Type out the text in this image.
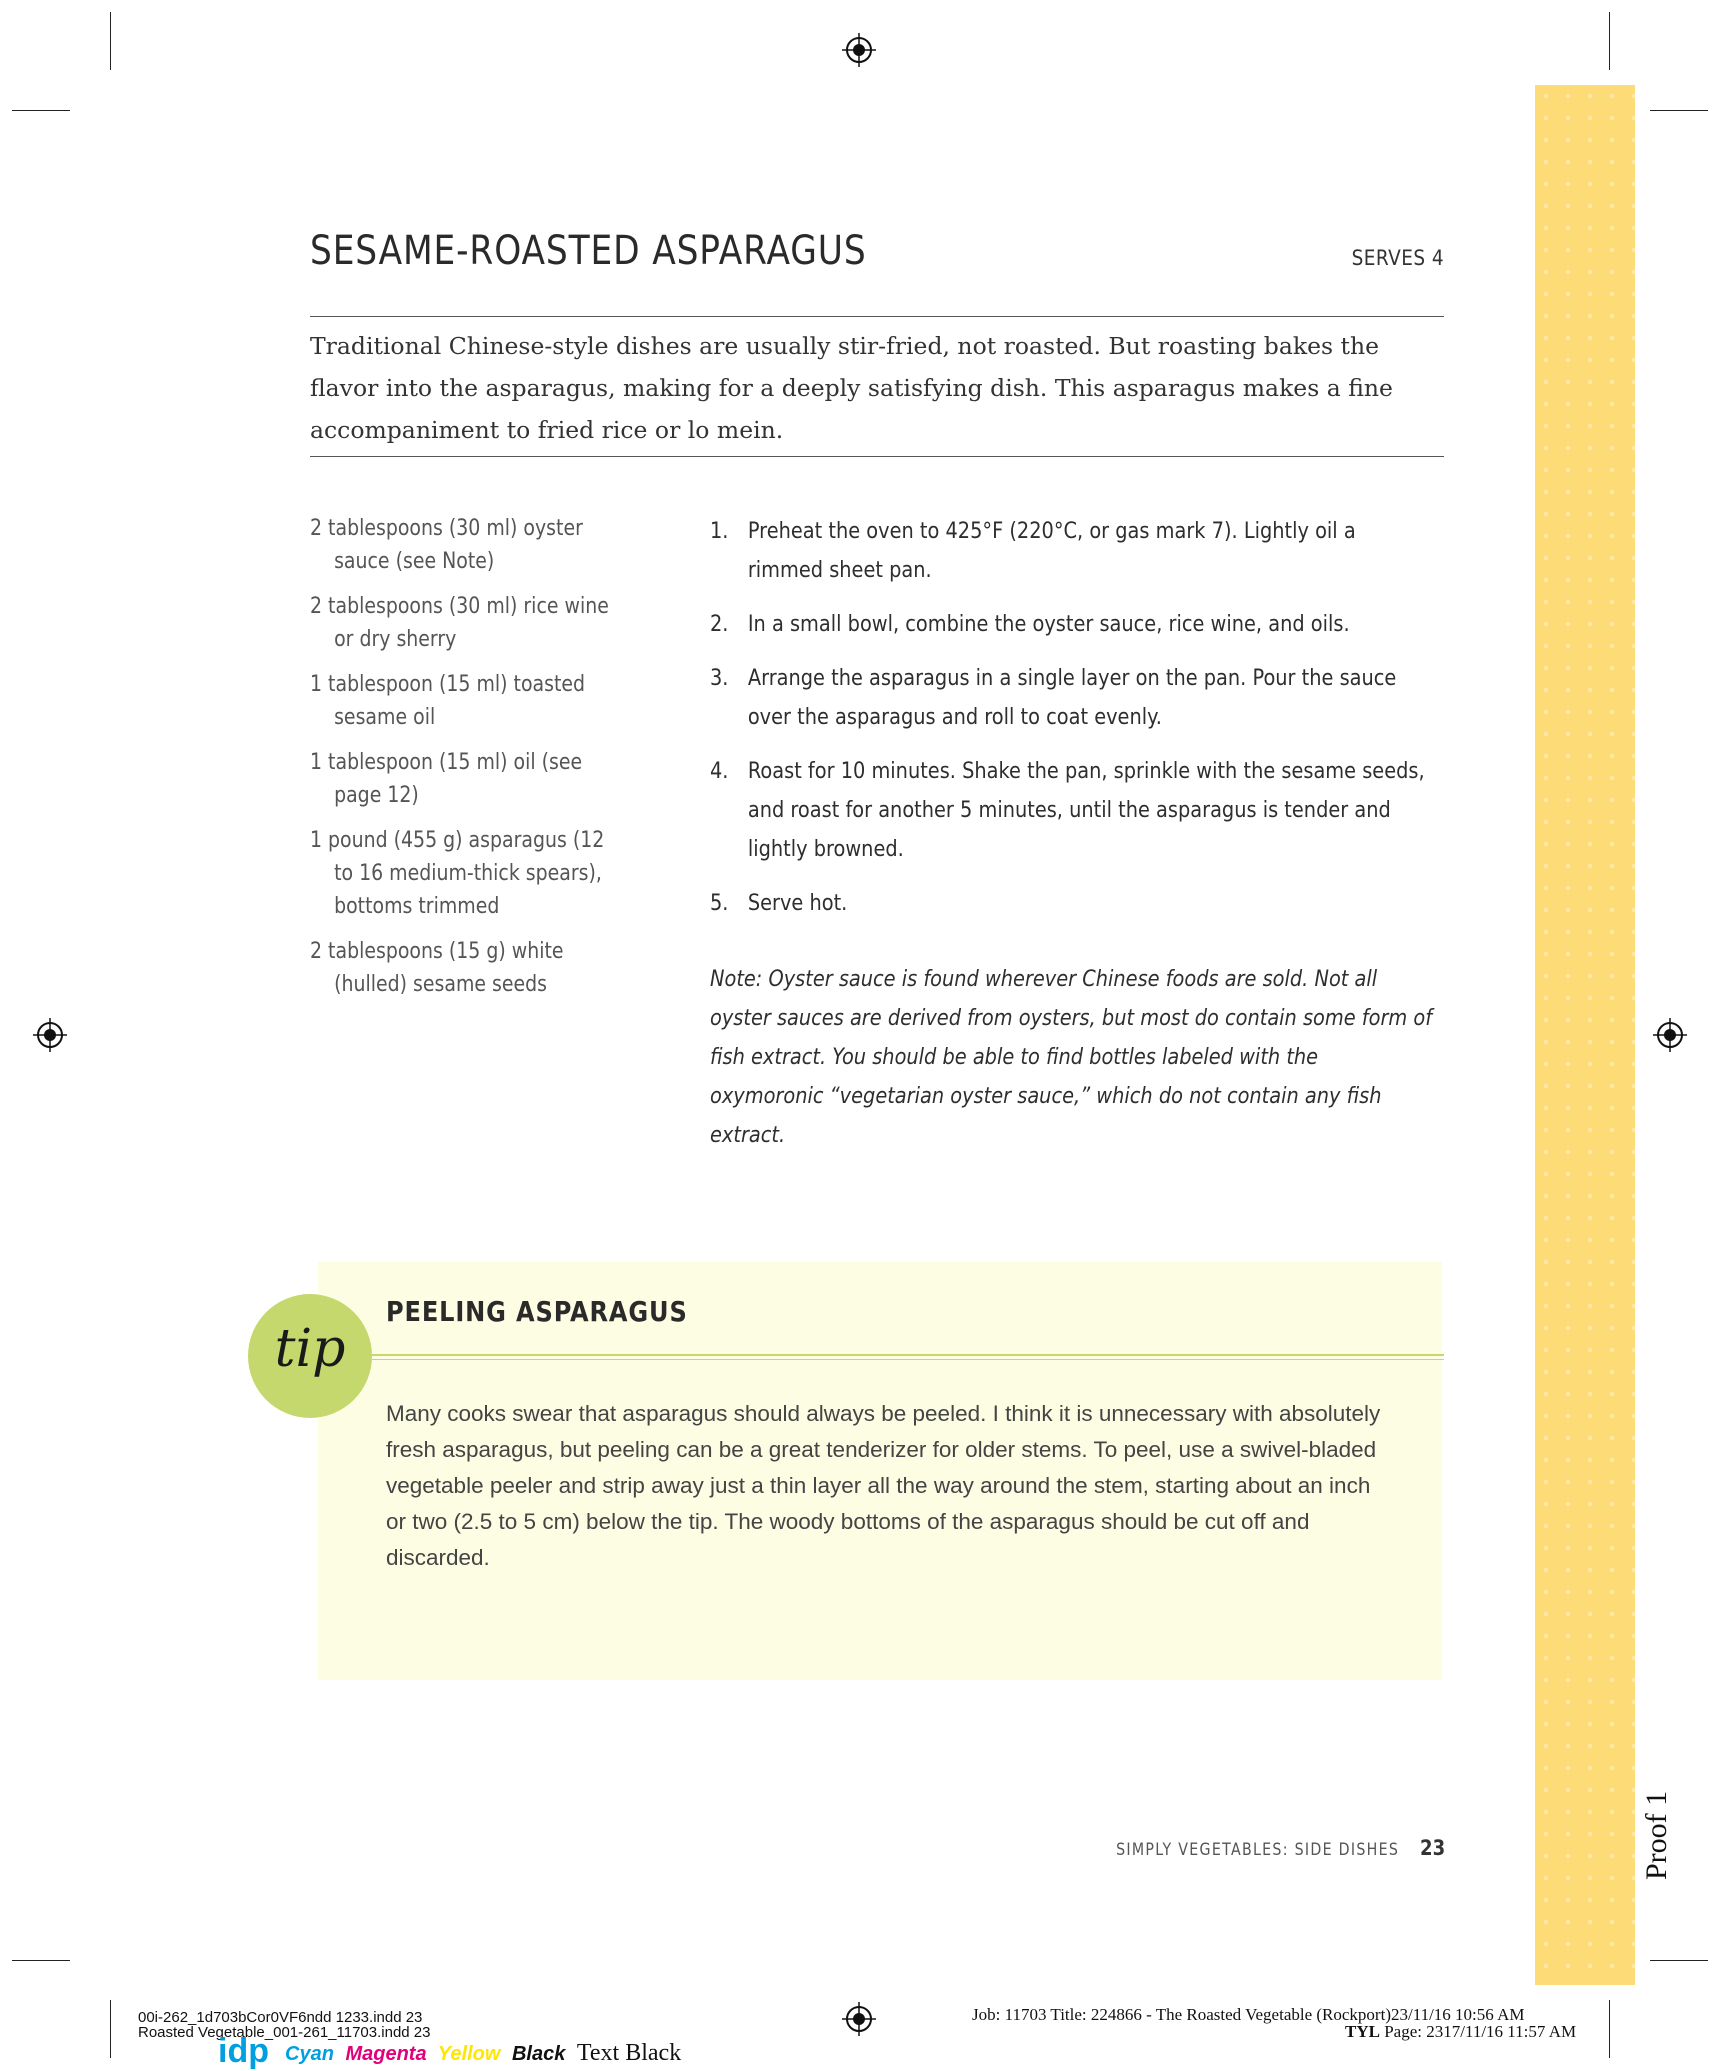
SESAME-ROASTED ASPARAGUS	SERVES 4

Traditional Chinese-style dishes are usually stir-fried, not roasted. But roasting bakes the flavor into the asparagus, making for a deeply satisfying dish. This asparagus makes a fine accompaniment to fried rice or lo mein.

2 tablespoons (30 ml) oyster sauce (see Note)
2 tablespoons (30 ml) rice wine or dry sherry
1 tablespoon (15 ml) toasted sesame oil
1 tablespoon (15 ml) oil (see page 12)
1 pound (455 g) asparagus (12 to 16 medium-thick spears), bottoms trimmed
2 tablespoons (15 g) white (hulled) sesame seeds
1. Preheat the oven to 425°F (220°C, or gas mark 7). Lightly oil a rimmed sheet pan.
2. In a small bowl, combine the oyster sauce, rice wine, and oils.
3. Arrange the asparagus in a single layer on the pan. Pour the sauce over the asparagus and roll to coat evenly.
4. Roast for 10 minutes. Shake the pan, sprinkle with the sesame seeds, and roast for another 5 minutes, until the asparagus is tender and lightly browned.
5. Serve hot.

Note: Oyster sauce is found wherever Chinese foods are sold. Not all oyster sauces are derived from oysters, but most do contain some form of fish extract. You should be able to find bottles labeled with the oxymoronic “vegetarian oyster sauce,” which do not contain any fish extract.

tip
PEELING ASPARAGUS

Many cooks swear that asparagus should always be peeled. I think it is unnecessary with absolutely fresh asparagus, but peeling can be a great tenderizer for older stems. To peel, use a swivel-bladed vegetable peeler and strip away just a thin layer all the way around the stem, starting about an inch or two (2.5 to 5 cm) below the tip. The woody bottoms of the asparagus should be cut off and discarded.

SIMPLY VEGETABLES: SIDE DISHES 23	Proof 1
00i-262_1d703bCor0VF6ndd 1233.indd 23
Roasted Vegetable_001-261_11703.indd 23
Job: 11703 Title: 224866 - The Roasted Vegetable (Rockport)23/11/16 10:56 AM
TYL Page: 2317/11/16 11:57 AM
idp Cyan Magenta Yellow Black Text Black
